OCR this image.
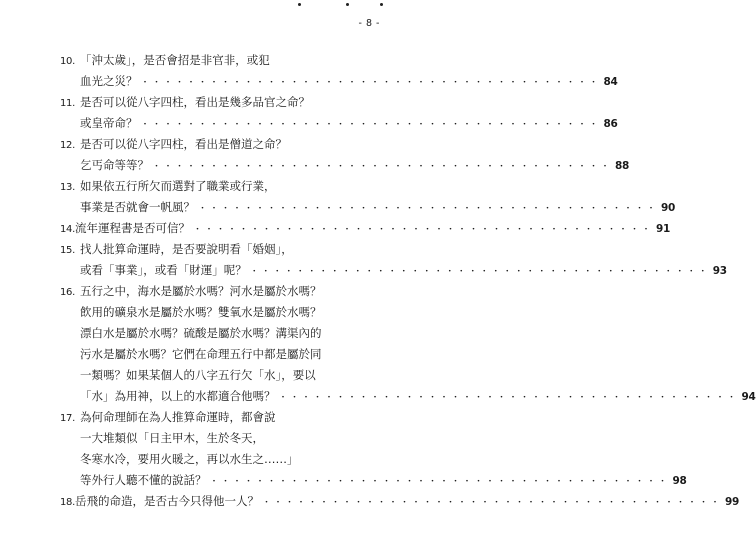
- 8 -
10. 「沖太歲」，是否會招是非官非，或犯
血光之災？ ・・・・・・・・・・・・・・・・・・・・・・・・・・・・・・・・・・・・・・・・ 84
11. 是否可以從八字四柱，看出是幾多品官之命？
或皇帝命？ ・・・・・・・・・・・・・・・・・・・・・・・・・・・・・・・・・・・・・・・・ 86
12. 是否可以從八字四柱，看出是僧道之命？
乞丐命等等？ ・・・・・・・・・・・・・・・・・・・・・・・・・・・・・・・・・・・・・・・・ 88
13. 如果依五行所欠而選對了職業或行業，
事業是否就會一帆風？ ・・・・・・・・・・・・・・・・・・・・・・・・・・・・・・・・・・・・・・・・ 90
14. 流年運程書是否可信？ ・・・・・・・・・・・・・・・・・・・・・・・・・・・・・・・・・・・・・・・・ 91
15. 找人批算命運時，是否要說明看「婚姻」，
或看「事業」，或看「財運」呢？ ・・・・・・・・・・・・・・・・・・・・・・・・・・・・・・・・・・・・・・・・ 93
16. 五行之中，海水是屬於水嗎？河水是屬於水嗎？
飲用的礦泉水是屬於水嗎？雙氧水是屬於水嗎？
漂白水是屬於水嗎？硫酸是屬於水嗎？溝渠內的
污水是屬於水嗎？它們在命理五行中都是屬於同
一類嗎？如果某個人的八字五行欠「水」，要以
「水」為用神，以上的水都適合他嗎？ ・・・・・・・・・・・・・・・・・・・・・・・・・・・・・・・・・・・・・・・・ 94
17. 為何命理師在為人推算命運時，都會說
一大堆類似「日主甲木，生於冬天，
冬寒水冷，要用火暖之，再以水生之……」
等外行人聽不懂的說話？ ・・・・・・・・・・・・・・・・・・・・・・・・・・・・・・・・・・・・・・・・ 98
18. 岳飛的命造，是否古今只得他一人？ ・・・・・・・・・・・・・・・・・・・・・・・・・・・・・・・・・・・・・・・・ 99
